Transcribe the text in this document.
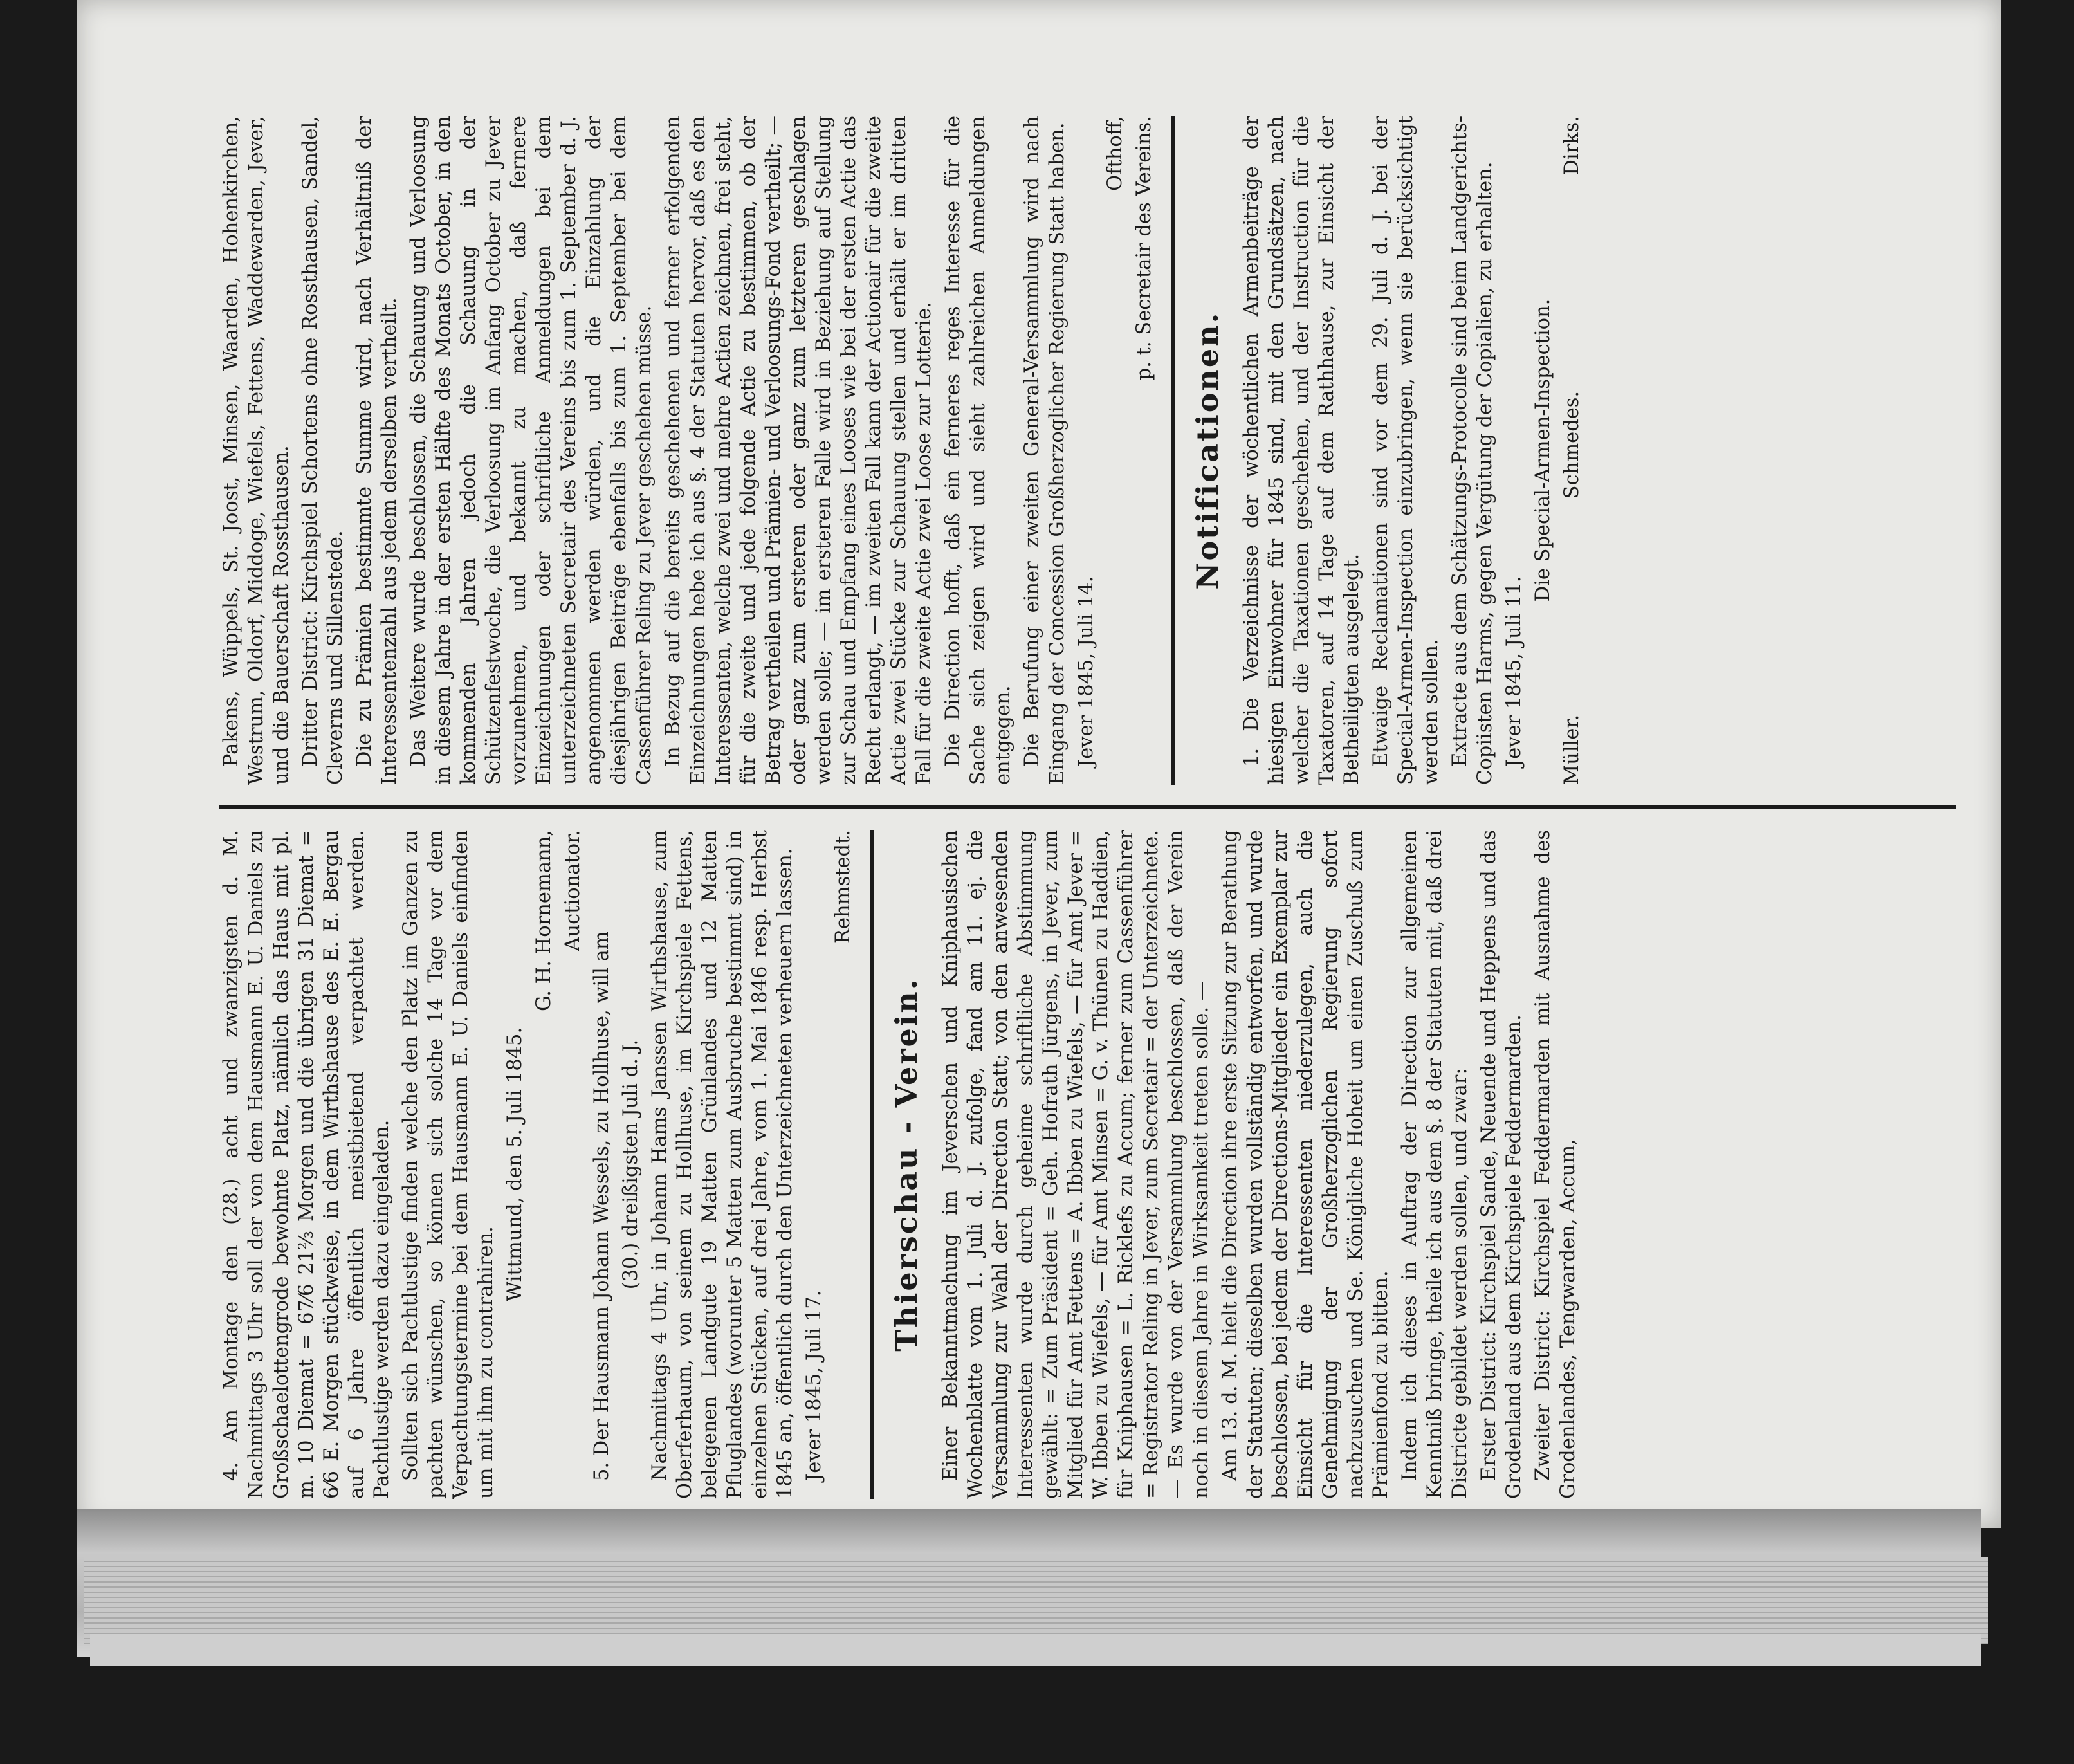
4. Am Montage den (28.) acht und zwanzigsten d. M. Nachmittags 3 Uhr soll der von dem Hausmann E. U. Daniels zu Großschaelottengrode bewohnte Platz, nämlich das Haus mit pl. m. 10 Diemat = 67⁄6 21⅔ Morgen und die übrigen 31 Diemat = 6⁄6 E. Morgen stückweise, in dem Wirthshause des E. E. Bergau auf 6 Jahre öffentlich meistbietend verpachtet werden. Pachtlustige werden dazu eingeladen. Sollten sich Pachtlustige finden welche den Platz im Ganzen zu pachten wünschen, so können sich solche 14 Tage vor dem Verpachtungstermine bei dem Hausmann E. U. Daniels einfinden um mit ihm zu contrahiren.

Wittmund, den 5. Juli 1845.

G. H. Hornemann, Auctionator.

5. Der Hausmann Johann Wessels, zu Hollhuse, will am (30.) dreißigsten Juli d. J. Nachmittags 4 Uhr, in Johann Hams Janssen Wirthshause, zum Oberferhaum, von seinem zu Hollhuse, im Kirchspiele Fettens, belegenen Landgute 19 Matten Grünlandes und 12 Matten Pfluglandes (worunter 5 Matten zum Ausbruche bestimmt sind) in einzelnen Stücken, auf drei Jahre, vom 1. Mai 1846 resp. Herbst 1845 an, öffentlich durch den Unterzeichneten verheuern lassen. Jever 1845, Juli 17.

Rehmstedt.

Thierschau - Verein. Einer Bekanntmachung im Jeverschen und Kniphausischen Wochenblatte vom 1. Juli d. J. zufolge, fand am 11. ej. die Versammlung zur Wahl der Direction Statt; von den anwesenden Interessenten wurde durch geheime schriftliche Abstimmung gewählt: = Zum Präsident = Geh. Hofrath Jürgens, in Jever, zum Mitglied für Amt Fettens = A. Ibben zu Wiefels, — für Amt Jever = W. Ibben zu Wiefels, — für Amt Minsen = G. v. Thünen zu Haddien, für Kniphausen = L. Ricklefs zu Accum; ferner zum Cassenführer = Registrator Reling in Jever, zum Secretair = der Unterzeichnete. — Es wurde von der Versammlung beschlossen, daß der Verein noch in diesem Jahre in Wirksamkeit treten solle. — Am 13. d. M. hielt die Direction ihre erste Sitzung zur Berathung der Statuten; dieselben wurden vollständig entworfen, und wurde beschlossen, bei jedem der Directions-Mitglieder ein Exemplar zur Einsicht für die Interessenten niederzulegen, auch die Genehmigung der Großherzoglichen Regierung sofort nachzusuchen und Se. Königliche Hoheit um einen Zuschuß zum Prämienfond zu bitten. Indem ich dieses in Auftrag der Direction zur allgemeinen Kenntniß bringe, theile ich aus dem §. 8 der Statuten mit, daß drei Districte gebildet werden sollen, und zwar: Erster District: Kirchspiel Sande, Neuende und Heppens und das Grodenland aus dem Kirchspiele Feddermarden. Zweiter District: Kirchspiel Feddermarden mit Ausnahme des Grodenlandes, Tengwarden, Accum,

Pakens, Wüppels, St. Joost, Minsen, Waarden, Hohenkirchen, Westrum, Oldorf, Middoge, Wiefels, Fettens, Waddewarden, Jever, und die Bauerschaft Rossthausen. Dritter District: Kirchspiel Schortens ohne Rossthausen, Sandel, Cleverns und Sillenstede. Die zu Prämien bestimmte Summe wird, nach Verhältniß der Interessentenzahl aus jedem derselben vertheilt. Das Weitere wurde beschlossen, die Schauung und Verloosung in diesem Jahre in der ersten Hälfte des Monats October, in den kommenden Jahren jedoch die Schauung in der Schützenfestwoche, die Verloosung im Anfang October zu Jever vorzunehmen, und bekannt zu machen, daß fernere Einzeichnungen oder schriftliche Anmeldungen bei dem unterzeichneten Secretair des Vereins bis zum 1. September d. J. angenommen werden würden, und die Einzahlung der diesjährigen Beiträge ebenfalls bis zum 1. September bei dem Cassenführer Reling zu Jever geschehen müsse. In Bezug auf die bereits geschehenen und ferner erfolgenden Einzeichnungen hebe ich aus §. 4 der Statuten hervor, daß es den Interessenten, welche zwei und mehre Actien zeichnen, frei steht, für die zweite und jede folgende Actie zu bestimmen, ob der Betrag vertheilen und Prämien- und Verloosungs-Fond vertheilt; — oder ganz zum ersteren oder ganz zum letzteren geschlagen werden solle; — im ersteren Falle wird in Beziehung auf Stellung zur Schau und Empfang eines Looses wie bei der ersten Actie das Recht erlangt, — im zweiten Fall kann der Actionair für die zweite Actie zwei Stücke zur Schauung stellen und erhält er im dritten Fall für die zweite Actie zwei Loose zur Lotterie. Die Direction hofft, daß ein ferneres reges Interesse für die Sache sich zeigen wird und sieht zahlreichen Anmeldungen entgegen. Die Berufung einer zweiten General-Versammlung wird nach Eingang der Concession Großherzoglicher Regierung Statt haben. Jever 1845, Juli 14.

Ofthoff, p. t. Secretair des Vereins.

Notificationen. 1. Die Verzeichnisse der wöchentlichen Armenbeiträge der hiesigen Einwohner für 1845 sind, mit den Grundsätzen, nach welcher die Taxationen geschehen, und der Instruction für die Taxatoren, auf 14 Tage auf dem Rathhause, zur Einsicht der Betheiligten ausgelegt. Etwaige Reclamationen sind vor dem 29. Juli d. J. bei der Special-Armen-Inspection einzubringen, wenn sie berücksichtigt werden sollen. Extracte aus dem Schätzungs-Protocolle sind beim Landgerichts-Copiisten Harms, gegen Vergütung der Copialien, zu erhalten. Jever 1845, Juli 11.

Die Special-Armen-Inspection.

Müller.
Schmedes.
Dirks.
